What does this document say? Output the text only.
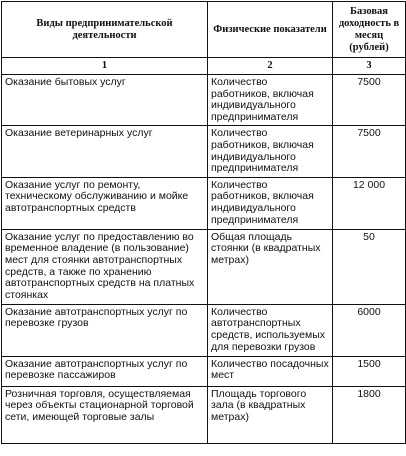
Виды предпринимательской деятельности	Физические показатели	Базовая доходность в месяц (рублей)
1	2	3
Оказание бытовых услуг	Количество работников, включая индивидуального предпринимателя	7500
Оказание ветеринарных услуг	Количество работников, включая индивидуального предпринимателя	7500
Оказание услуг по ремонту, техническому обслуживанию и мойке автотранспортных средств	Количество работников, включая индивидуального предпринимателя	12 000
Оказание услуг по предоставлению во временное владение (в пользование) мест для стоянки автотранспортных средств, а также по хранению автотранспортных средств на платных стоянках	Общая площадь стоянки (в квадратных метрах)	50
Оказание автотранспортных услуг по перевозке грузов	Количество автотранспортных средств, используемых для перевозки грузов	6000
Оказание автотранспортных услуг по перевозке пассажиров	Количество посадочных мест	1500
Розничная торговля, осуществляемая через объекты стационарной торговой сети, имеющей торговые залы	Площадь торгового зала (в квадратных метрах)	1800
